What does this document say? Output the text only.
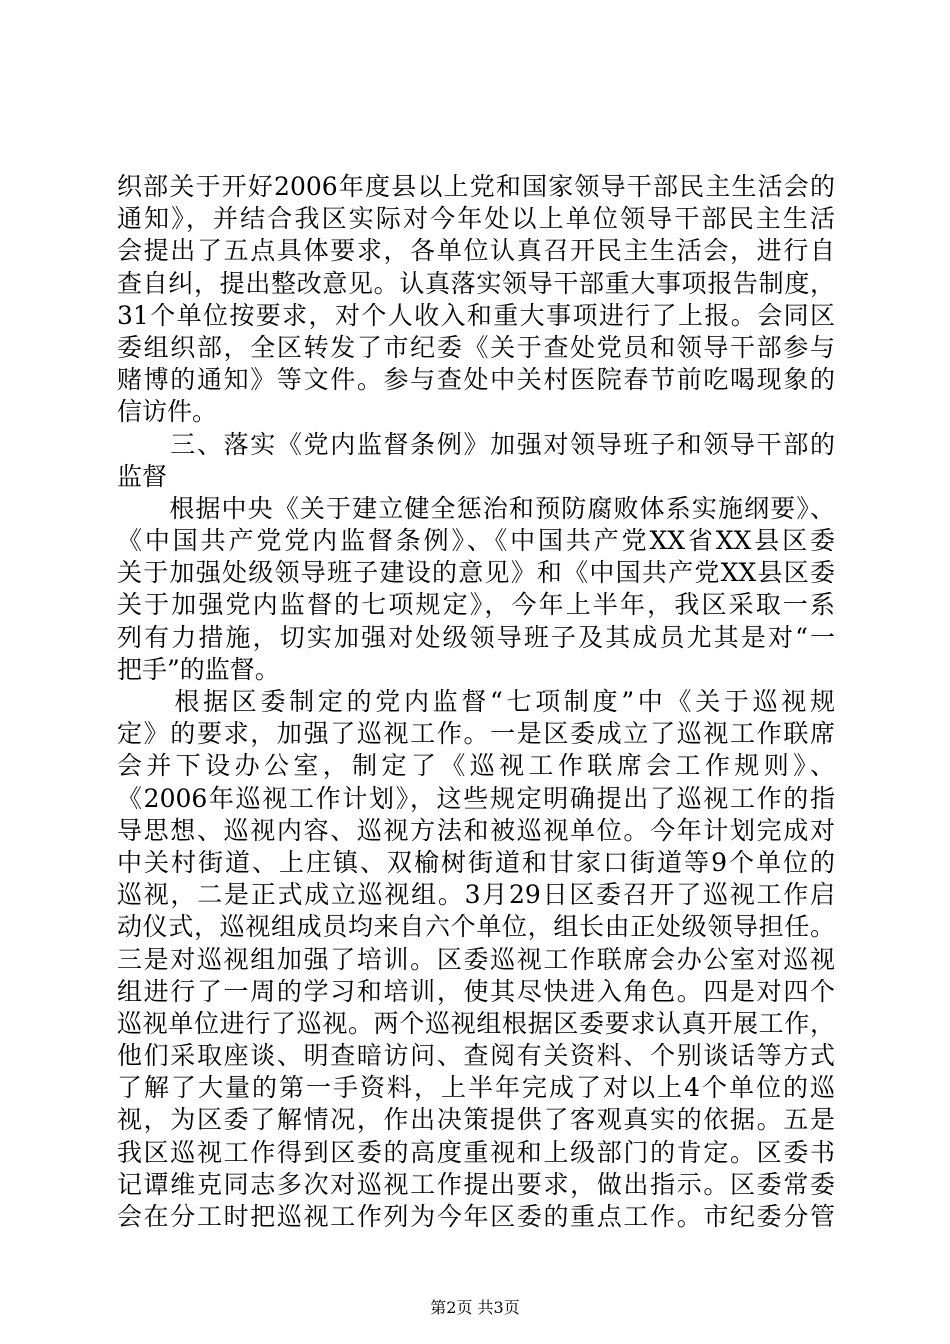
织部关于开好2006年度县以上党和国家领导干部民主生活会的
通知》，并结合我区实际对今年处以上单位领导干部民主生活
会提出了五点具体要求，各单位认真召开民主生活会，进行自
查自纠，提出整改意见。认真落实领导干部重大事项报告制度，
31个单位按要求，对个人收入和重大事项进行了上报。会同区
委组织部，全区转发了市纪委《关于查处党员和领导干部参与
赌博的通知》等文件。参与查处中关村医院春节前吃喝现象的
信访件。
　　三、落实《党内监督条例》加强对领导班子和领导干部的
监督
　　根据中央《关于建立健全惩治和预防腐败体系实施纲要》、
《中国共产党党内监督条例》、《中国共产党XX省XX县区委
关于加强处级领导班子建设的意见》和《中国共产党XX县区委
关于加强党内监督的七项规定》，今年上半年，我区采取一系
列有力措施，切实加强对处级领导班子及其成员尤其是对“一
把手”的监督。
　　根据区委制定的党内监督“七项制度”中《关于巡视规
定》的要求，加强了巡视工作。一是区委成立了巡视工作联席
会并下设办公室，制定了《巡视工作联席会工作规则》、
《2006年巡视工作计划》，这些规定明确提出了巡视工作的指
导思想、巡视内容、巡视方法和被巡视单位。今年计划完成对
中关村街道、上庄镇、双榆树街道和甘家口街道等9个单位的
巡视，二是正式成立巡视组。3月29日区委召开了巡视工作启
动仪式，巡视组成员均来自六个单位，组长由正处级领导担任。
三是对巡视组加强了培训。区委巡视工作联席会办公室对巡视
组进行了一周的学习和培训，使其尽快进入角色。四是对四个
巡视单位进行了巡视。两个巡视组根据区委要求认真开展工作，
他们采取座谈、明查暗访问、查阅有关资料、个别谈话等方式
了解了大量的第一手资料，上半年完成了对以上4个单位的巡
视，为区委了解情况，作出决策提供了客观真实的依据。五是
我区巡视工作得到区委的高度重视和上级部门的肯定。区委书
记谭维克同志多次对巡视工作提出要求，做出指示。区委常委
会在分工时把巡视工作列为今年区委的重点工作。市纪委分管
第2页 共3页
